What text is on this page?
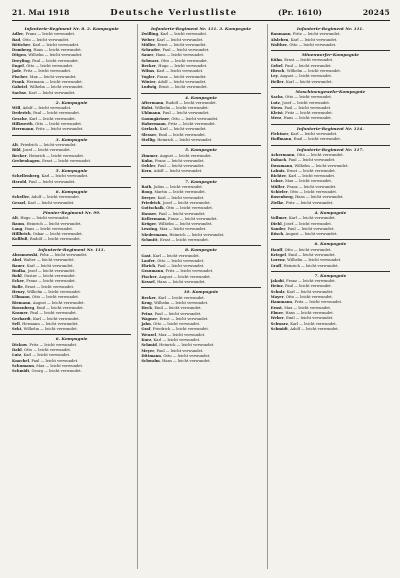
21. Mai 1918	Deutsche Verlustliste	(Pr. 1610)	20245
Infanterie-Regiment Nr. 8. 2. Kompagnie
Adler, Franz — leicht verwundet.
Bad, Otto — leicht verwundet.
Böttcher, Karl — leicht verwundet.
Domberg, Hans — leicht verwundet.
Ditgen, Wilhelm — leicht verwundet.
Dreyling, Paul — leicht verwundet.
Engel, Otto — leicht verwundet.
Jade, Fritz — leicht verwundet.
Fischer, Max — leicht verwundet.
Frank, Hermann — leicht verwundet.
Gabriel, Wilhelm — leicht verwundet.
Sachse, Karl — leicht verwundet.
2. Kompagnie
Will, Adolf — leicht verwundet.
Dederich, Paul — leicht verwundet.
Gesche, Karl — leicht verwundet.
Hilkwerth, Otto — leicht verwundet.
Herrmann, Fritz — leicht verwundet.
3. Kompagnie
Alt, Friedrich — leicht verwundet.
Bild, Josef — leicht verwundet.
Becker, Heinrich — leicht verwundet.
Grebenhagen, Ernst — leicht verwundet.
5. Kompagnie
Schellenberg, Karl — leicht verwundet.
Herold, Paul — leicht verwundet.
6. Kompagnie
Scheller, Adolf — leicht verwundet.
Gessel, Karl — leicht verwundet.
Pionier-Regiment Nr. 99.
Alt, Hugo — leicht verwundet.
Baum, Heinrich — leicht verwundet.
Lang, Hans — leicht verwundet.
Hillbrich, Oskar — leicht verwundet.
Kollfuß, Rudolf — leicht verwundet.
Infanterie-Regiment Nr. 111.
Abramowski, Felix — leicht verwundet.
Abel, Walter — leicht verwundet.
Bauer, Karl — leicht verwundet.
Budka, Josef — leicht verwundet.
Bohl, Gustav — leicht verwundet.
Ecker, Franz — leicht verwundet.
Bolle, Ernst — leicht verwundet.
Henry, Wilhelm — leicht verwundet.
Ullmann, Otto — leicht verwundet.
Riemann, August — leicht verwundet.
Rosenberg, Emil — leicht verwundet.
Kramer, Paul — leicht verwundet.
Gerhardt, Karl — leicht verwundet.
Sell, Hermann — leicht verwundet.
Sekt, Wilhelm — leicht verwundet.
6. Kompagnie
Dickow, Fritz — leicht verwundet.
Dahl, Otto — leicht verwundet.
Lutz, Karl — leicht verwundet.
Knochel, Paul — leicht verwundet.
Schumann, Max — leicht verwundet.
Schmidt, Georg — leicht verwundet.
Infanterie-Regiment Nr. 111. 3. Kompagnie
Zwilling, Karl — leicht verwundet.
Weber, Karl — leicht verwundet.
Müller, Ernst — leicht verwundet.
Schrader, Paul — leicht verwundet.
Sauer, Hans — leicht verwundet.
Schwarz, Otto — leicht verwundet.
Becker, Hugo — leicht verwundet.
Wilms, Karl — leicht verwundet.
Vogler, Franz — leicht verwundet.
Winter, Adolf — leicht verwundet.
Ludwig, Ernst — leicht verwundet.
4. Kompagnie
Aftermann, Rudolf — leicht verwundet.
Holst, Wilhelm — leicht verwundet.
Uhlmann, Paul — leicht verwundet.
Gaumgärtner, Otto — leicht verwundet.
Habermann, Fritz — leicht verwundet.
Gerlach, Karl — leicht verwundet.
Slesser, Emil — leicht verwundet.
Stellig, Heinrich — leicht verwundet.
5. Kompagnie
Zimmer, August — leicht verwundet.
Kuhn, Franz — leicht verwundet.
Oehler, Paul — leicht verwundet.
Kern, Adolf — leicht verwundet.
7. Kompagnie
Rath, Julius — leicht verwundet.
Boog, Martin — leicht verwundet.
Dreyer, Karl — leicht verwundet.
Friedrich, Josef — leicht verwundet.
Gottschalk, Otto — leicht verwundet.
Hauser, Paul — leicht verwundet.
Kellermann, Franz — leicht verwundet.
Krüger, Wilhelm — leicht verwundet.
Lessing, Max — leicht verwundet.
Niedermann, Heinrich — leicht verwundet.
Schmitt, Ernst — leicht verwundet.
8. Kompagnie
Gast, Karl — leicht verwundet.
Laufer, Otto — leicht verwundet.
Ehrich, Paul — leicht verwundet.
Graumann, Fritz — leicht verwundet.
Fischer, August — leicht verwundet.
Kessel, Hans — leicht verwundet.
10. Kompagnie
Becker, Karl — leicht verwundet.
Krug, Wilhelm — leicht verwundet.
Heck, Emil — leicht verwundet.
Prinz, Paul — leicht verwundet.
Wagner, Ernst — leicht verwundet.
Jahn, Otto — leicht verwundet.
Graf, Friedrich — leicht verwundet.
Wenzel, Max — leicht verwundet.
Kurz, Karl — leicht verwundet.
Schmid, Heinrich — leicht verwundet.
Meyer, Paul — leicht verwundet.
Dittmann, Otto — leicht verwundet.
Schwalm, Hans — leicht verwundet.
Infanterie-Regiment Nr. 111.
Baumann, Fritz — leicht verwundet.
Alsleben, Karl — leicht verwundet.
Walther, Otto — leicht verwundet.
Minenwerfer-Kompagnie
Kühn, Ernst — leicht verwundet.
Gebel, Paul — leicht verwundet.
Hirsch, Wilhelm — leicht verwundet.
Ley, August — leicht verwundet.
Heller, Karl — leicht verwundet.
Maschinengewehr-Kompagnie
Sachs, Otto — leicht verwundet.
Lutz, Josef — leicht verwundet.
Stern, Paul — leicht verwundet.
Kleist, Fritz — leicht verwundet.
Merz, Hans — leicht verwundet.
Infanterie-Regiment Nr. 114.
Fichtner, Karl — leicht verwundet.
Hoffmann, Emil — leicht verwundet.
Infanterie-Regiment Nr. 117.
Achermann, Otto — leicht verwundet.
Dabach, Paul — leicht verwundet.
Dossmann, Wilhelm — leicht verwundet.
Lahnis, Ernst — leicht verwundet.
Richter, Karl — leicht verwundet.
Lohse, Max — leicht verwundet.
Müller, Franz — leicht verwundet.
Schieler, Otto — leicht verwundet.
Rosenberg, Hans — leicht verwundet.
Zielke, Fritz — leicht verwundet.
4. Kompagnie
Vollmer, Karl — leicht verwundet.
Diehl, Josef — leicht verwundet.
Sander, Paul — leicht verwundet.
Rösch, August — leicht verwundet.
6. Kompagnie
Hauff, Otto — leicht verwundet.
Kriegel, Emil — leicht verwundet.
Lorenz, Wilhelm — leicht verwundet.
Graff, Heinrich — leicht verwundet.
7. Kompagnie
Jakobi, Franz — leicht verwundet.
Heinz, Paul — leicht verwundet.
Schulz, Karl — leicht verwundet.
Mayer, Otto — leicht verwundet.
Hammann, Fritz — leicht verwundet.
Ernst, Max — leicht verwundet.
Ebner, Hans — leicht verwundet.
Weber, Emil — leicht verwundet.
Schwarz, Karl — leicht verwundet.
Schmidt, Adolf — leicht verwundet.
